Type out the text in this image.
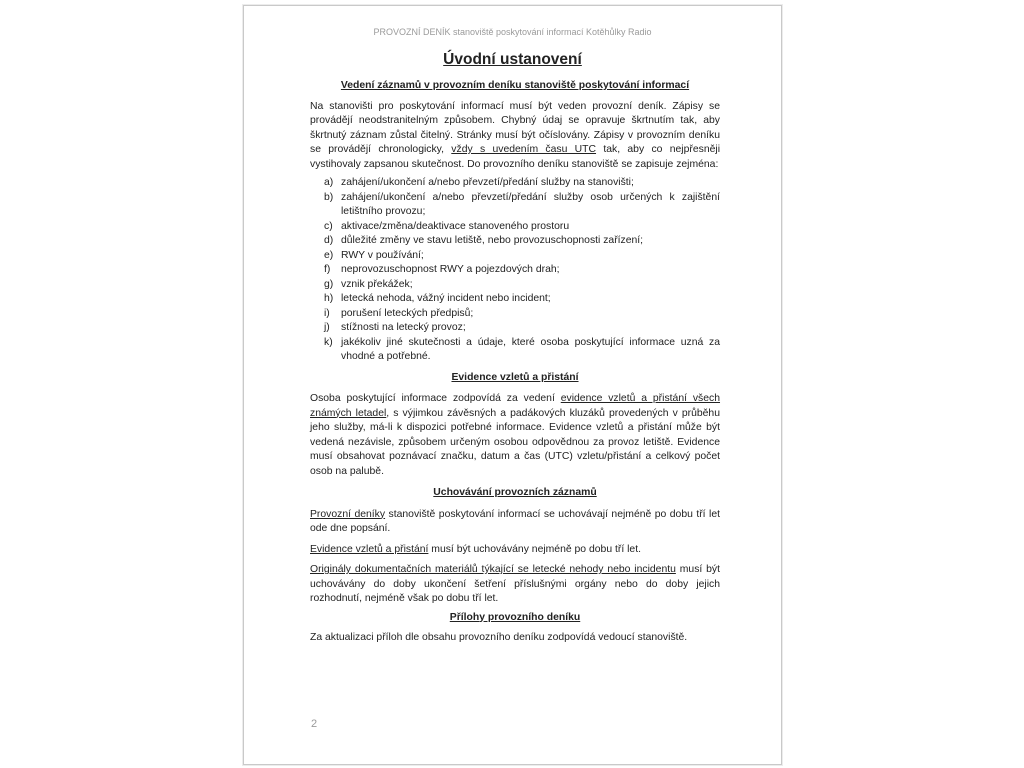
PROVOZNÍ DENÍK stanoviště poskytování informací Kotěhůlky Radio
Úvodní ustanovení
Vedení záznamů v provozním deníku stanoviště poskytování informací

Na stanovišti pro poskytování informací musí být veden provozní deník. Zápisy se provádějí neodstranitelným způsobem. Chybný údaj se opravuje škrtnutím tak, aby škrtnutý záznam zůstal čitelný. Stránky musí být očíslovány. Zápisy v provozním deníku se provádějí chronologicky, vždy s uvedením času UTC tak, aby co nejpřesněji vystihovaly zapsanou skutečnost. Do provozního deníku stanoviště se zapisuje zejména:

a) zahájení/ukončení a/nebo převzetí/předání služby na stanovišti;
b) zahájení/ukončení a/nebo převzetí/předání služby osob určených k zajištění letištního provozu;
c) aktivace/změna/deaktivace stanoveného prostoru
d) důležité změny ve stavu letiště, nebo provozuschopnosti zařízení;
e) RWY v používání;
f) neprovozuschopnost RWY a pojezdových drah;
g) vznik překážek;
h) letecká nehoda, vážný incident nebo incident;
i) porušení leteckých předpisů;
j) stížnosti na letecký provoz;
k) jakékoliv jiné skutečnosti a údaje, které osoba poskytující informace uzná za vhodné a potřebné.
Evidence vzletů a přistání

Osoba poskytující informace zodpovídá za vedení evidence vzletů a přistání všech známých letadel, s výjimkou závěsných a padákových kluzáků provedených v průběhu jeho služby, má-li k dispozici potřebné informace. Evidence vzletů a přistání může být vedená nezávisle, způsobem určeným osobou odpovědnou za provoz letiště. Evidence musí obsahovat poznávací značku, datum a čas (UTC) vzletu/přistání a celkový počet osob na palubě.

Uchovávání provozních záznamů

Provozní deníky stanoviště poskytování informací se uchovávají nejméně po dobu tří let ode dne popsání.

Evidence vzletů a přistání musí být uchovávány nejméně po dobu tří let.

Originály dokumentačních materiálů týkající se letecké nehody nebo incidentu musí být uchovávány do doby ukončení šetření příslušnými orgány nebo do doby jejich rozhodnutí, nejméně však po dobu tří let.

Přílohy provozního deníku

Za aktualizaci příloh dle obsahu provozního deníku zodpovídá vedoucí stanoviště.

2
